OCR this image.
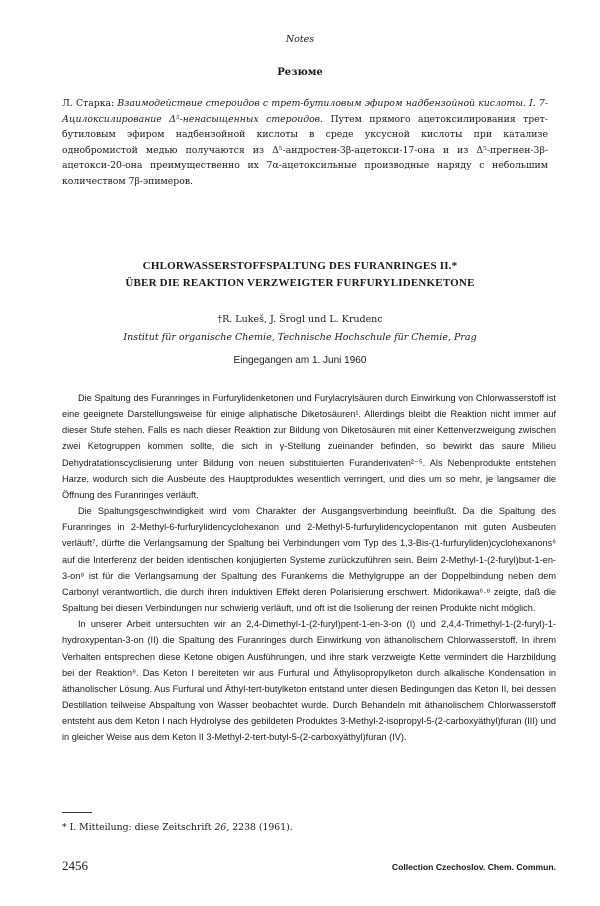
Notes
Резюме

Л. Старка: Взаимодействие стероидов с трет-бутиловым эфиром надбензойной кислоты. I. 7-Ацилоксилирование Δ⁵-ненасыщенных стероидов. Путем прямого ацетоксилирования трет-бутиловым эфиром надбензойной кислоты в среде уксусной кислоты при катализе однобромистой медью получаются из Δ⁵-андростен-3β-ацетокси-17-она и из Δ⁵-прегнен-3β-ацетокси-20-она преимущественно их 7α-ацетоксильные производные наряду с небольшим количеством 7β-эпимеров.

CHLORWASSERSTOFFSPALTUNG DES FURANRINGES II.*
ÜBER DIE REAKTION VERZWEIGTER FURFURYLIDENKETONE
†R. Lukeš, J. Šrogl und L. Krudenc
Institut für organische Chemie, Technische Hochschule für Chemie, Prag
Eingegangen am 1. Juni 1960

Die Spaltung des Furanringes in Furfurylidenketonen und Furylacrylsäuren durch Einwirkung von Chlorwasserstoff ist eine geeignete Darstellungsweise für einige aliphatische Diketosäuren¹. Allerdings bleibt die Reaktion nicht immer auf dieser Stufe stehen. Falls es nach dieser Reaktion zur Bildung von Diketosäuren mit einer Kettenverzweigung zwischen zwei Ketogruppen kommen sollte, die sich in γ-Stellung zueinander befinden, so bewirkt das saure Milieu Dehydratationscyclisierung unter Bildung von neuen substituierten Furanderivaten²⁻⁵. Als Nebenprodukte entstehen Harze, wodurch sich die Ausbeute des Hauptproduktes wesentlich verringert, und dies um so mehr, je langsamer die Öffnung des Furanringes verläuft.

Die Spaltungsgeschwindigkeit wird vom Charakter der Ausgangsverbindung beeinflußt. Da die Spaltung des Furanringes in 2-Methyl-6-furfurylidencyclohexanon und 2-Methyl-5-furfurylidencyclopentanon mit guten Ausbeuten verläuft⁷, dürfte die Verlangsamung der Spaltung bei Verbindungen vom Typ des 1,3-Bis-(1-furfuryliden)cyclohexanons⁶ auf die Interferenz der beiden identischen konjugierten Systeme zurückzuführen sein. Beim 2-Methyl-1-(2-furyl)but-1-en-3-on⁸ ist für die Verlangsamung der Spaltung des Furankerns die Methylgruppe an der Doppelbindung neben dem Carbonyl verantwortlich, die durch ihren induktiven Effekt deren Polarisierung erschwert. Midorikawa⁶·⁸ zeigte, daß die Spaltung bei diesen Verbindungen nur schwierig verläuft, und oft ist die Isolierung der reinen Produkte nicht möglich.

In unserer Arbeit untersuchten wir an 2,4-Dimethyl-1-(2-furyl)pent-1-en-3-on (I) und 2,4,4-Trimethyl-1-(2-furyl)-1-hydroxypentan-3-on (II) die Spaltung des Furanringes durch Einwirkung von äthanolischem Chlorwasserstoff. In ihrem Verhalten entsprechen diese Ketone obigen Ausführungen, und ihre stark verzweigte Kette vermindert die Harzbildung bei der Reaktion⁹. Das Keton I bereiteten wir aus Furfural und Äthylisopropylketon durch alkalische Kondensation in äthanolischer Lösung. Aus Furfural und Äthyl-tert-butylketon entstand unter diesen Bedingungen das Keton II, bei dessen Destillation teilweise Abspaltung von Wasser beobachtet wurde. Durch Behandeln mit äthanolischem Chlorwasserstoff entsteht aus dem Keton I nach Hydrolyse des gebildeten Produktes 3-Methyl-2-isopropyl-5-(2-carboxyäthyl)furan (III) und in gleicher Weise aus dem Keton II 3-Methyl-2-tert-butyl-5-(2-carboxyäthyl)furan (IV).

* I. Mitteilung: diese Zeitschrift 26, 2238 (1961).
2456	Collection Czechoslov. Chem. Commun.
